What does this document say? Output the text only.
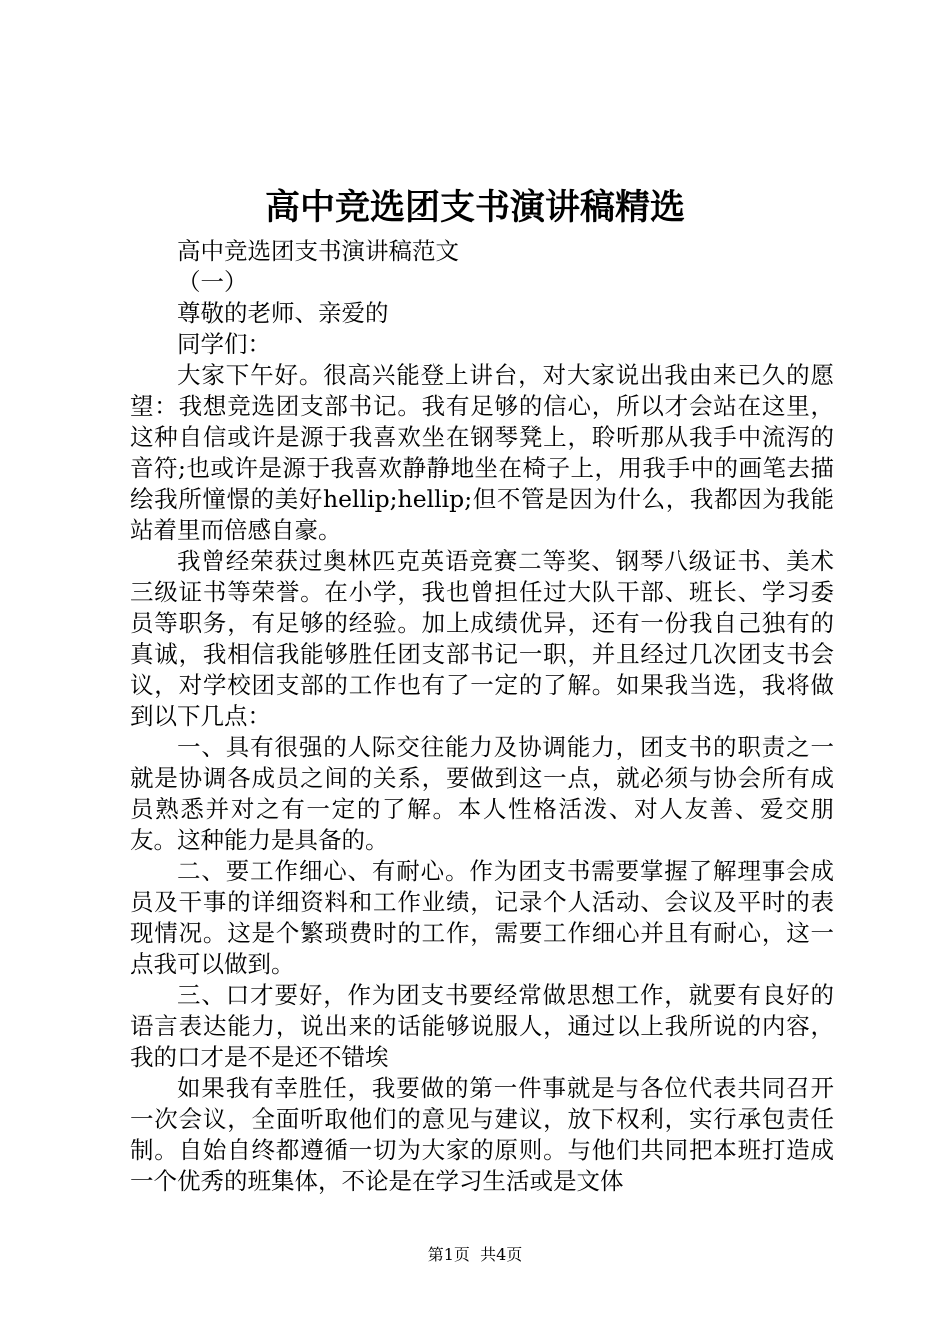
高中竞选团支书演讲稿精选

高中竞选团支书演讲稿范文

（一）

尊敬的老师、亲爱的

同学们：

大家下午好。很高兴能登上讲台，对大家说出我由来已久的愿望：我想竞选团支部书记。我有足够的信心，所以才会站在这里，这种自信或许是源于我喜欢坐在钢琴凳上，聆听那从我手中流泻的音符;也或许是源于我喜欢静静地坐在椅子上，用我手中的画笔去描绘我所憧憬的美好hellip;hellip;但不管是因为什么，我都因为我能站着里而倍感自豪。

我曾经荣获过奥林匹克英语竞赛二等奖、钢琴八级证书、美术三级证书等荣誉。在小学，我也曾担任过大队干部、班长、学习委员等职务，有足够的经验。加上成绩优异，还有一份我自己独有的真诚，我相信我能够胜任团支部书记一职，并且经过几次团支书会议，对学校团支部的工作也有了一定的了解。如果我当选，我将做到以下几点：

一、具有很强的人际交往能力及协调能力，团支书的职责之一就是协调各成员之间的关系，要做到这一点，就必须与协会所有成员熟悉并对之有一定的了解。本人性格活泼、对人友善、爱交朋友。这种能力是具备的。

二、要工作细心、有耐心。作为团支书需要掌握了解理事会成员及干事的详细资料和工作业绩，记录个人活动、会议及平时的表现情况。这是个繁琐费时的工作，需要工作细心并且有耐心，这一点我可以做到。

三、口才要好，作为团支书要经常做思想工作，就要有良好的语言表达能力，说出来的话能够说服人，通过以上我所说的内容，我的口才是不是还不错埃

如果我有幸胜任，我要做的第一件事就是与各位代表共同召开一次会议，全面听取他们的意见与建议，放下权利，实行承包责任制。自始自终都遵循一切为大家的原则。与他们共同把本班打造成一个优秀的班集体，不论是在学习生活或是文体

第1页  共4页
